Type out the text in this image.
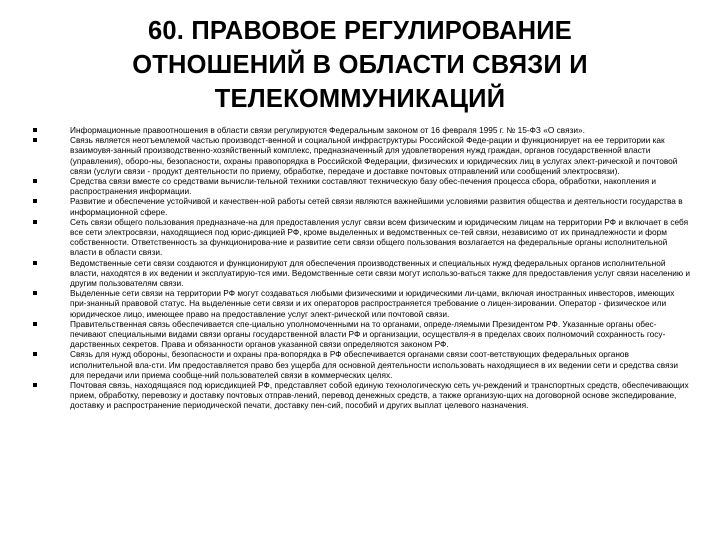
60. ПРАВОВОЕ РЕГУЛИРОВАНИЕ
ОТНОШЕНИЙ В ОБЛАСТИ СВЯЗИ И
ТЕЛЕКОММУНИКАЦИЙ
Информационные правоотношения в области связи регулируются Федеральным законом от 16 февраля 1995 г. № 15-ФЗ «О связи».
Связь является неотъемлемой частью производст-венной и социальной инфраструктуры Российской Феде-рации и функционирует на ее территории как взаимоувя-занный производственно-хозяйственный комплекс, предназначенный для удовлетворения нужд граждан, органов государственной власти (управления), оборо-ны, безопасности, охраны правопорядка в Российской Федерации, физических и юридических лиц в услугах элект-рической и почтовой связи (услуги связи - продукт деятельности по приему, обработке, передаче и доставке почтовых отправлений или сообщений электросвязи).
Средства связи вместе со средствами вычисли-тельной техники составляют техническую базу обес-печения процесса сбора, обработки, накопления и распространения информации.
Развитие и обеспечение устойчивой и качествен-ной работы сетей связи являются важнейшими условиями развития общества и деятельности государства в информационной сфере.
Сеть связи общего пользования предназначе-на для предоставления услуг связи всем физическим и юридическим лицам на территории РФ и включает в себя все сети электросвязи, находящиеся под юрис-дикцией РФ, кроме выделенных и ведомственных се-тей связи, независимо от их принадлежности и форм собственности. Ответственность за функционирова-ние и развитие сети связи общего пользования возлагается на федеральные органы исполнительной власти в области связи.
Ведомственные сети связи создаются и функционируют для обеспечения производственных и специальных нужд федеральных органов исполнительной власти, находятся в их ведении и эксплуатирую-тся ими. Ведомственные сети связи могут использо-ваться также для предоставления услуг связи населению и другим пользователям связи.
Выделенные сети связи на территории РФ могут создаваться любыми физическими и юридическими ли-цами, включая иностранных инвесторов, имеющих при-знанный правовой статус. На выделенные сети связи и их операторов распространяется требование о лицен-зировании. Оператор - физическое или юридическое лицо, имеющее право на предоставление услуг элект-рической или почтовой связи.
Правительственная связь обеспечивается спе-циально уполномоченными на то органами, опреде-ляемыми Президентом РФ. Указанные органы обес-печивают специальными видами связи органы государственной власти РФ и организации, осуществля-я в пределах своих полномочий сохранность госу-дарственных секретов. Права и обязанности органов указанной связи определяются законом РФ.
Связь для нужд обороны, безопасности и охраны пра-вопорядка в РФ обеспечивается органами связи соот-ветствующих федеральных органов исполнительной вла-сти. Им предоставляется право без ущерба для основной деятельности использовать находящиеся в их ведении сети и средства связи для передачи или приема сообще-ний пользователей связи в коммерческих целях.
Почтовая связь, находящаяся под юрисдикцией РФ, представляет собой единую технологическую сеть уч-реждений и транспортных средств, обеспечивающих прием, обработку, перевозку и доставку почтовых отправ-лений, перевод денежных средств, а также организую-щих на договорной основе экспедирование, доставку и распространение периодической печати, доставку пен-сий, пособий и других выплат целевого назначения.
